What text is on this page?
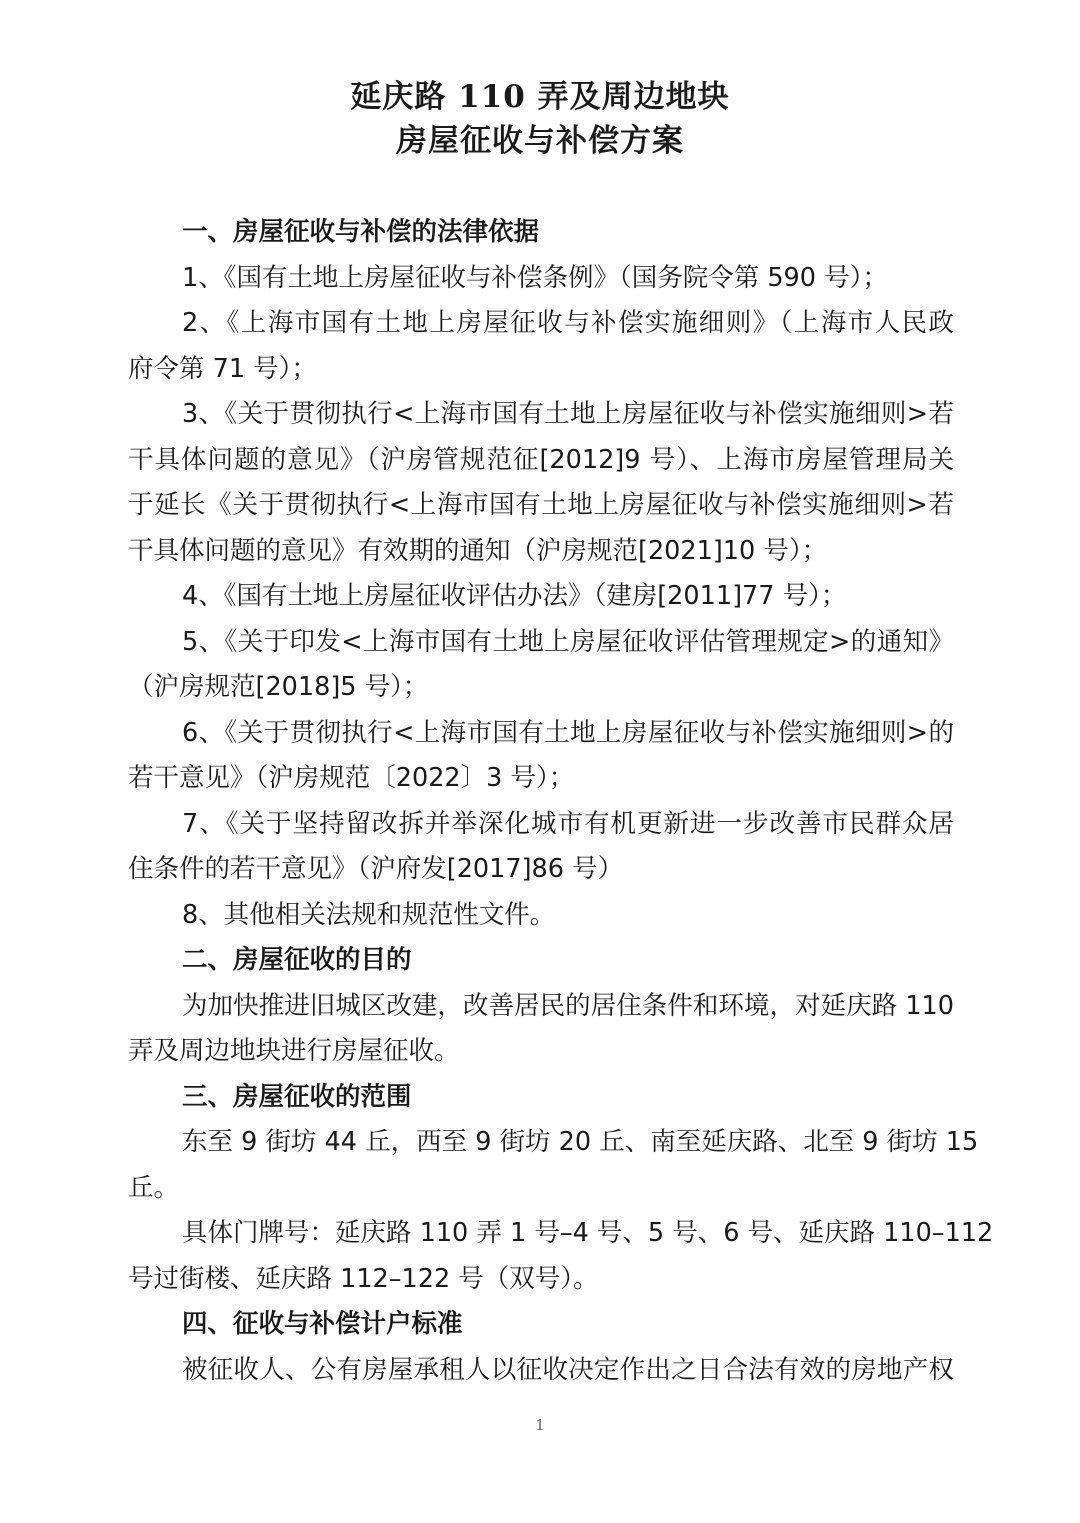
延庆路 110 弄及周边地块
房屋征收与补偿方案
一、房屋征收与补偿的法律依据
1、《国有土地上房屋征收与补偿条例》（国务院令第 590 号）；
2、《上海市国有土地上房屋征收与补偿实施细则》（上海市人民政
府令第 71 号）；
3、《关于贯彻执行<上海市国有土地上房屋征收与补偿实施细则>若
干具体问题的意见》（沪房管规范征[2012]9 号）、上海市房屋管理局关
于延长《关于贯彻执行<上海市国有土地上房屋征收与补偿实施细则>若
干具体问题的意见》有效期的通知（沪房规范[2021]10 号）；
4、《国有土地上房屋征收评估办法》（建房[2011]77 号）；
5、《关于印发<上海市国有土地上房屋征收评估管理规定>的通知》
（沪房规范[2018]5 号）；
6、《关于贯彻执行<上海市国有土地上房屋征收与补偿实施细则>的
若干意见》（沪房规范〔2022〕3 号）；
7、《关于坚持留改拆并举深化城市有机更新进一步改善市民群众居
住条件的若干意见》（沪府发[2017]86 号）
8、其他相关法规和规范性文件。
二、房屋征收的目的
为加快推进旧城区改建，改善居民的居住条件和环境，对延庆路 110
弄及周边地块进行房屋征收。
三、房屋征收的范围
东至 9 街坊 44 丘，西至 9 街坊 20 丘、南至延庆路、北至 9 街坊 15
丘。
具体门牌号：延庆路 110 弄 1 号–4 号、5 号、6 号、延庆路 110–112
号过街楼、延庆路 112–122 号（双号）。
四、征收与补偿计户标准
被征收人、公有房屋承租人以征收决定作出之日合法有效的房地产权
1
